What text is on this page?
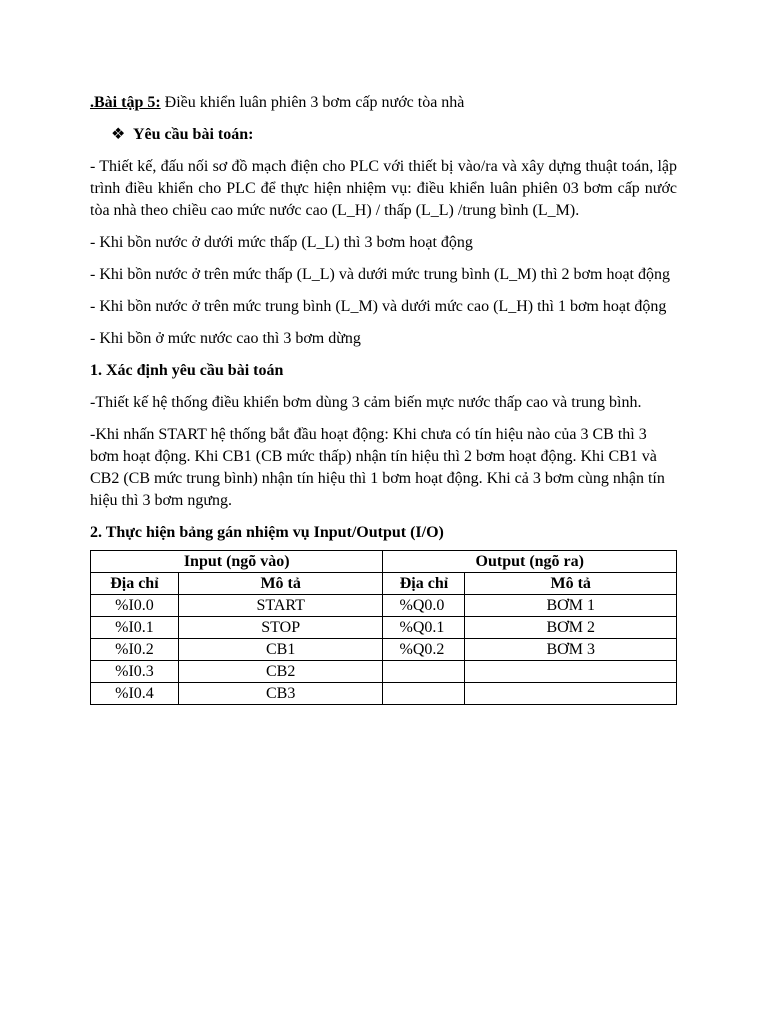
.Bài tập 5: Điều khiển luân phiên 3 bơm cấp nước tòa nhà

❖ Yêu cầu bài toán:

- Thiết kế, đấu nối sơ đồ mạch điện cho PLC với thiết bị vào/ra và xây dựng thuật toán, lập trình điều khiển cho PLC để thực hiện nhiệm vụ: điều khiển luân phiên 03 bơm cấp nước tòa nhà theo chiều cao mức nước cao (L_H) / thấp (L_L) /trung bình (L_M).

- Khi bồn nước ở dưới mức thấp (L_L) thì 3 bơm hoạt động

- Khi bồn nước ở trên mức thấp (L_L) và dưới mức trung bình (L_M) thì 2 bơm hoạt động

- Khi bồn nước ở trên mức trung bình (L_M) và dưới mức cao (L_H) thì 1 bơm hoạt động

- Khi bồn ở mức nước cao thì 3 bơm dừng

1. Xác định yêu cầu bài toán

-Thiết kế hệ thống điều khiển bơm dùng 3 cảm biến mực nước thấp cao và trung bình.

-Khi nhấn START hệ thống bắt đầu hoạt động: Khi chưa có tín hiệu nào của 3 CB thì 3 bơm hoạt động. Khi CB1 (CB mức thấp) nhận tín hiệu thì 2 bơm hoạt động. Khi CB1 và CB2 (CB mức trung bình) nhận tín hiệu thì 1 bơm hoạt động. Khi cả 3 bơm cùng nhận tín hiệu thì 3 bơm ngưng.

2. Thực hiện bảng gán nhiệm vụ Input/Output (I/O)

Input (ngõ vào)		Output (ngõ ra)	
Địa chỉ	Mô tả	Địa chỉ	Mô tả
%I0.0	START	%Q0.0	BƠM 1
%I0.1	STOP	%Q0.1	BƠM 2
%I0.2	CB1	%Q0.2	BƠM 3
%I0.3	CB2		
%I0.4	CB3		
